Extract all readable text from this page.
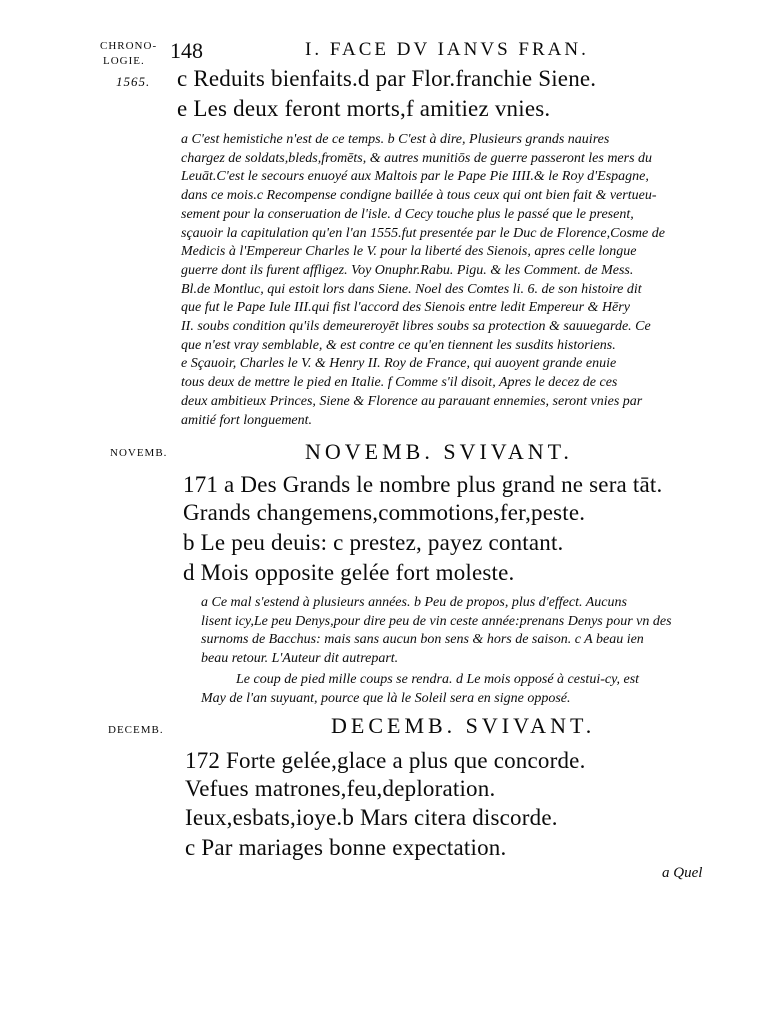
CHRONO-
LOGIE. 148	I. FACE DV IANVS FRAN.
1565. c Reduits bienfaits.d par Flor.franchie Siene.
e Les deux feront morts,f amitiez vnies.

a C'est hemistiche n'est de ce temps. b C'est à dire, Plusieurs grands nauires

chargez de soldats,bleds,fromēts, & autres munitiōs de guerre passeront les mers du

Leuāt.C'est le secours enuoyé aux Maltois par le Pape Pie IIII.& le Roy d'Espagne,

dans ce mois.c Recompense condigne baillée à tous ceux qui ont bien fait & vertueu-

sement pour la conseruation de l'isle. d Cecy touche plus le passé que le present,

sçauoir la capitulation qu'en l'an 1555.fut presentée par le Duc de Florence,Cosme de

Medicis à l'Empereur Charles le V. pour la liberté des Sienois, apres celle longue

guerre dont ils furent affligez. Voy Onuphr.Rabu. Pigu. & les Comment. de Mess.

Bl.de Montluc, qui estoit lors dans Siene. Noel des Comtes li. 6. de son histoire dit

que fut le Pape Iule III.qui fist l'accord des Sienois entre ledit Empereur & Hēry

II. soubs condition qu'ils demeureroyēt libres soubs sa protection & sauuegarde. Ce

que n'est vray semblable, & est contre ce qu'en tiennent les susdits historiens.

e Sçauoir, Charles le V. & Henry II. Roy de France, qui auoyent grande enuie

tous deux de mettre le pied en Italie. f Comme s'il disoit, Apres le decez de ces

deux ambitieux Princes, Siene & Florence au parauant ennemies, seront vnies par

amitié fort longuement.

NOVEMB.	NOVEMB. SVIVANT.
171 a Des Grands le nombre plus grand ne sera tāt.
Grands changemens,commotions,fer,peste.
b Le peu deuis: c prestez, payez contant.
d Mois opposite gelée fort moleste.

a Ce mal s'estend à plusieurs années. b Peu de propos, plus d'effect. Aucuns

lisent icy,Le peu Denys,pour dire peu de vin ceste année:prenans Denys pour vn des

surnoms de Bacchus: mais sans aucun bon sens & hors de saison. c A beau ien

beau retour. L'Auteur dit autrepart.

Le coup de pied mille coups se rendra. d Le mois opposé à cestui-cy, est

May de l'an suyuant, pource que là le Soleil sera en signe opposé.

DECEMB.	DECEMB. SVIVANT.
172 Forte gelée,glace a plus que concorde.
Vefues matrones,feu,deploration.
Ieux,esbats,ioye.b Mars citera discorde.
c Par mariages bonne expectation.
a Quel
